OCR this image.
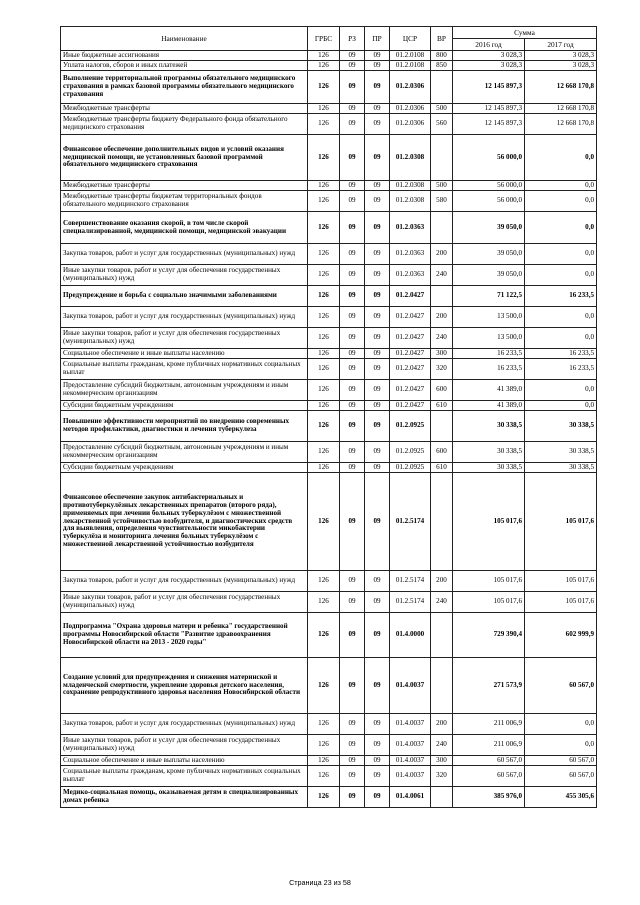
Наименование	ГРБС	РЗ	ПР	ЦСР	ВР	Сумма	
						2016 год	2017 год
Иные бюджетные ассигнования	126	09	09	01.2.0108	800	3 028,3	3 028,3
Уплата налогов, сборов и иных платежей	126	09	09	01.2.0108	850	3 028,3	3 028,3
Выполнение территориальной программы обязательного медицинского страхования в рамках базовой программы обязательного медицинского страхования	126	09	09	01.2.0306		12 145 897,3	12 668 170,8
Межбюджетные трансферты	126	09	09	01.2.0306	500	12 145 897,3	12 668 170,8
Межбюджетные трансферты бюджету Федерального фонда обязательного медицинского страхования	126	09	09	01.2.0306	560	12 145 897,3	12 668 170,8
Финансовое обеспечение дополнительных видов и условий оказания медицинской помощи, не установленных базовой программой обязательного медицинского страхования	126	09	09	01.2.0308		56 000,0	0,0
Межбюджетные трансферты	126	09	09	01.2.0308	500	56 000,0	0,0
Межбюджетные трансферты бюджетам территориальных фондов обязательного медицинского страхования	126	09	09	01.2.0308	580	56 000,0	0,0
Совершенствование оказания скорой, в том числе скорой специализированной, медицинской помощи, медицинской эвакуации	126	09	09	01.2.0363		39 050,0	0,0
Закупка товаров, работ и услуг для государственных (муниципальных) нужд	126	09	09	01.2.0363	200	39 050,0	0,0
Иные закупки товаров, работ и услуг для обеспечения государственных (муниципальных) нужд	126	09	09	01.2.0363	240	39 050,0	0,0
Предупреждение и борьба с социально значимыми заболеваниями	126	09	09	01.2.0427		71 122,5	16 233,5
Закупка товаров, работ и услуг для государственных (муниципальных) нужд	126	09	09	01.2.0427	200	13 500,0	0,0
Иные закупки товаров, работ и услуг для обеспечения государственных (муниципальных) нужд	126	09	09	01.2.0427	240	13 500,0	0,0
Социальное обеспечение и иные выплаты населению	126	09	09	01.2.0427	300	16 233,5	16 233,5
Социальные выплаты гражданам, кроме публичных нормативных социальных выплат	126	09	09	01.2.0427	320	16 233,5	16 233,5
Предоставление субсидий бюджетным, автономным учреждениям и иным некоммерческим организациям	126	09	09	01.2.0427	600	41 389,0	0,0
Субсидии бюджетным учреждениям	126	09	09	01.2.0427	610	41 389,0	0,0
Повышение эффективности мероприятий по внедрению современных методов профилактики, диагностики и лечения туберкулеза	126	09	09	01.2.0925		30 338,5	30 338,5
Предоставление субсидий бюджетным, автономным учреждениям и иным некоммерческим организациям	126	09	09	01.2.0925	600	30 338,5	30 338,5
Субсидии бюджетным учреждениям	126	09	09	01.2.0925	610	30 338,5	30 338,5
Финансовое обеспечение закупок антибактериальных и противотуберкулёзных лекарственных препаратов (второго ряда), применяемых при лечении больных туберкулёзом с множественной лекарственной устойчивостью возбудителя, и диагностических средств для выявления, определения чувствительности микобактерии туберкулёза и мониторинга лечения больных туберкулёзом с множественной лекарственной устойчивостью возбудителя	126	09	09	01.2.5174		105 017,6	105 017,6
Закупка товаров, работ и услуг для государственных (муниципальных) нужд	126	09	09	01.2.5174	200	105 017,6	105 017,6
Иные закупки товаров, работ и услуг для обеспечения государственных (муниципальных) нужд	126	09	09	01.2.5174	240	105 017,6	105 017,6
Подпрограмма "Охрана здоровья матери и ребенка" государственной программы Новосибирской области "Развитие здравоохранения Новосибирской области на 2013 - 2020 годы"	126	09	09	01.4.0000		729 390,4	602 999,9
Создание условий для предупреждения и снижения материнской и младенческой смертности, укрепление здоровья детского населения, сохранение репродуктивного здоровья населения Новосибирской области	126	09	09	01.4.0037		271 573,9	60 567,0
Закупка товаров, работ и услуг для государственных (муниципальных) нужд	126	09	09	01.4.0037	200	211 006,9	0,0
Иные закупки товаров, работ и услуг для обеспечения государственных (муниципальных) нужд	126	09	09	01.4.0037	240	211 006,9	0,0
Социальное обеспечение и иные выплаты населению	126	09	09	01.4.0037	300	60 567,0	60 567,0
Социальные выплаты гражданам, кроме публичных нормативных социальных выплат	126	09	09	01.4.0037	320	60 567,0	60 567,0
Медико-социальная помощь, оказываемая детям в специализированных домах ребенка	126	09	09	01.4.0061		385 976,0	455 305,6
Страница 23 из 58
